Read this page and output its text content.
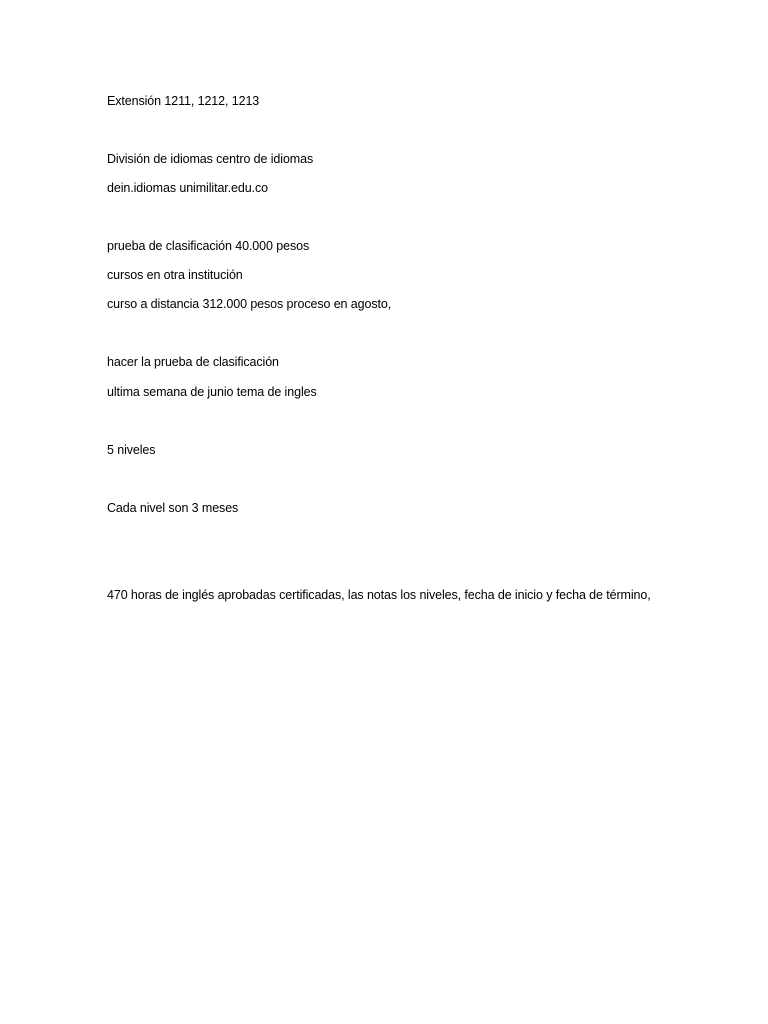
Extensión 1211, 1212, 1213

División de idiomas centro de idiomas

dein.idiomas unimilitar.edu.co

prueba de clasificación 40.000 pesos

cursos en otra institución

curso a distancia 312.000 pesos proceso en agosto,

hacer la prueba de clasificación

ultima semana de junio tema de ingles

5 niveles

Cada nivel son 3 meses

470 horas de inglés aprobadas certificadas, las notas los niveles, fecha de inicio y fecha de término,
